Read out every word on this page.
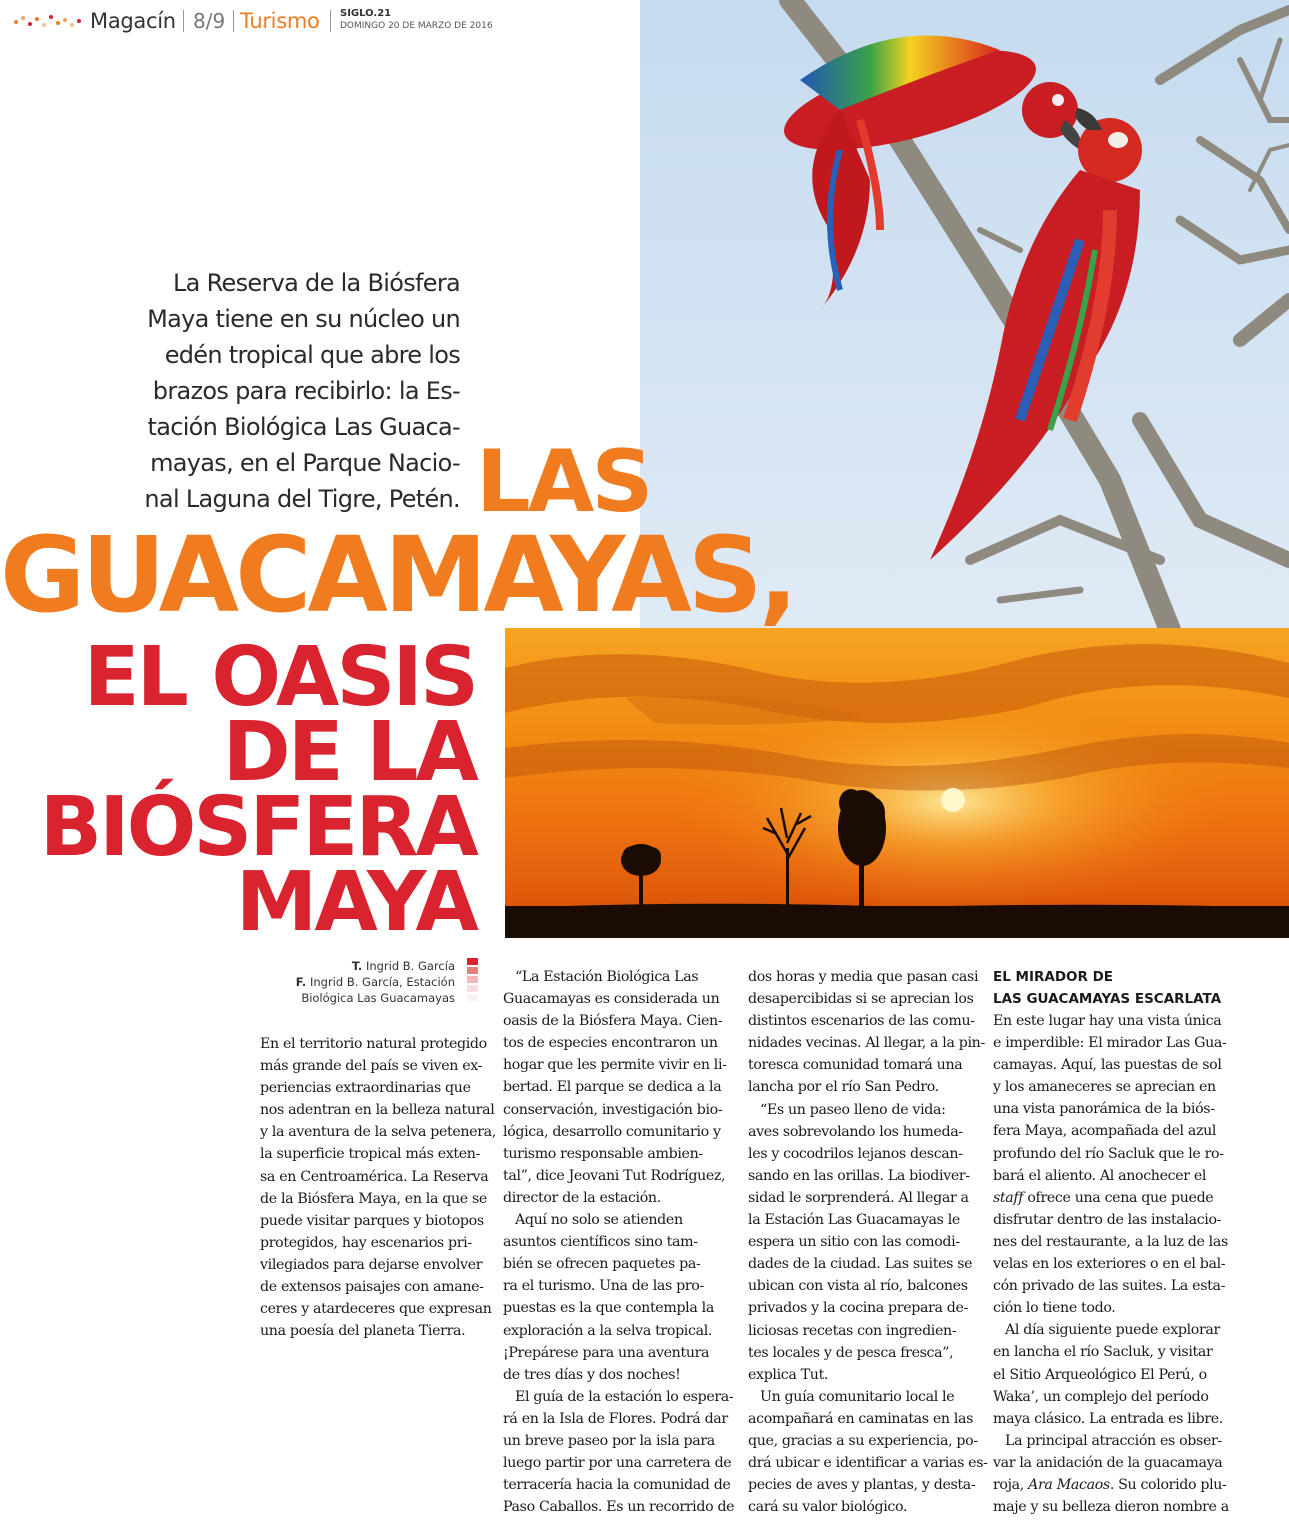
Magacín 8/9 Turismo SIGLO.21
DOMINGO 20 DE MARZO DE 2016
La Reserva de la Biósfera
Maya tiene en su núcleo un
edén tropical que abre los
brazos para recibirlo: la Es-
tación Biológica Las Guaca-
mayas, en el Parque Nacio-
nal Laguna del Tigre, Petén. LAS
GUACAMAYAS,
EL OASIS
DE LA
BIÓSFERA
MAYA
T. Ingrid B. García
F. Ingrid B. García, Estación
Biológica Las Guacamayas
En el territorio natural protegido
más grande del país se viven ex-
periencias extraordinarias que
nos adentran en la belleza natural
y la aventura de la selva petenera,
la superficie tropical más exten-
sa en Centroamérica. La Reserva
de la Biósfera Maya, en la que se
puede visitar parques y biotopos
protegidos, hay escenarios pri-
vilegiados para dejarse envolver
de extensos paisajes con amane-
ceres y atardeceres que expresan
una poesía del planeta Tierra.
“La Estación Biológica Las
Guacamayas es considerada un
oasis de la Biósfera Maya. Cien-
tos de especies encontraron un
hogar que les permite vivir en li-
bertad. El parque se dedica a la
conservación, investigación bio-
lógica, desarrollo comunitario y
turismo responsable ambien-
tal”, dice Jeovani Tut Rodríguez,
director de la estación.
Aquí no solo se atienden
asuntos científicos sino tam-
bién se ofrecen paquetes pa-
ra el turismo. Una de las pro-
puestas es la que contempla la
exploración a la selva tropical.
¡Prepárese para una aventura
de tres días y dos noches!
El guía de la estación lo espera-
rá en la Isla de Flores. Podrá dar
un breve paseo por la isla para
luego partir por una carretera de
terracería hacia la comunidad de
Paso Caballos. Es un recorrido de
dos horas y media que pasan casi
desapercibidas si se aprecian los
distintos escenarios de las comu-
nidades vecinas. Al llegar, a la pin-
toresca comunidad tomará una
lancha por el río San Pedro.
“Es un paseo lleno de vida:
aves sobrevolando los humeda-
les y cocodrilos lejanos descan-
sando en las orillas. La biodiver-
sidad le sorprenderá. Al llegar a
la Estación Las Guacamayas le
espera un sitio con las comodi-
dades de la ciudad. Las suites se
ubican con vista al río, balcones
privados y la cocina prepara de-
liciosas recetas con ingredien-
tes locales y de pesca fresca”,
explica Tut.
Un guía comunitario local le
acompañará en caminatas en las
que, gracias a su experiencia, po-
drá ubicar e identificar a varias es-
pecies de aves y plantas, y desta-
cará su valor biológico.
EL MIRADOR DE
LAS GUACAMAYAS ESCARLATA
En este lugar hay una vista única
e imperdible: El mirador Las Gua-
camayas. Aquí, las puestas de sol
y los amaneceres se aprecian en
una vista panorámica de la biós-
fera Maya, acompañada del azul
profundo del río Sacluk que le ro-
bará el aliento. Al anochecer el
staff ofrece una cena que puede
disfrutar dentro de las instalacio-
nes del restaurante, a la luz de las
velas en los exteriores o en el bal-
cón privado de las suites. La esta-
ción lo tiene todo.
Al día siguiente puede explorar
en lancha el río Sacluk, y visitar
el Sitio Arqueológico El Perú, o
Waka’, un complejo del período
maya clásico. La entrada es libre.
La principal atracción es obser-
var la anidación de la guacamaya
roja, Ara Macaos. Su colorido plu-
maje y su belleza dieron nombre a
